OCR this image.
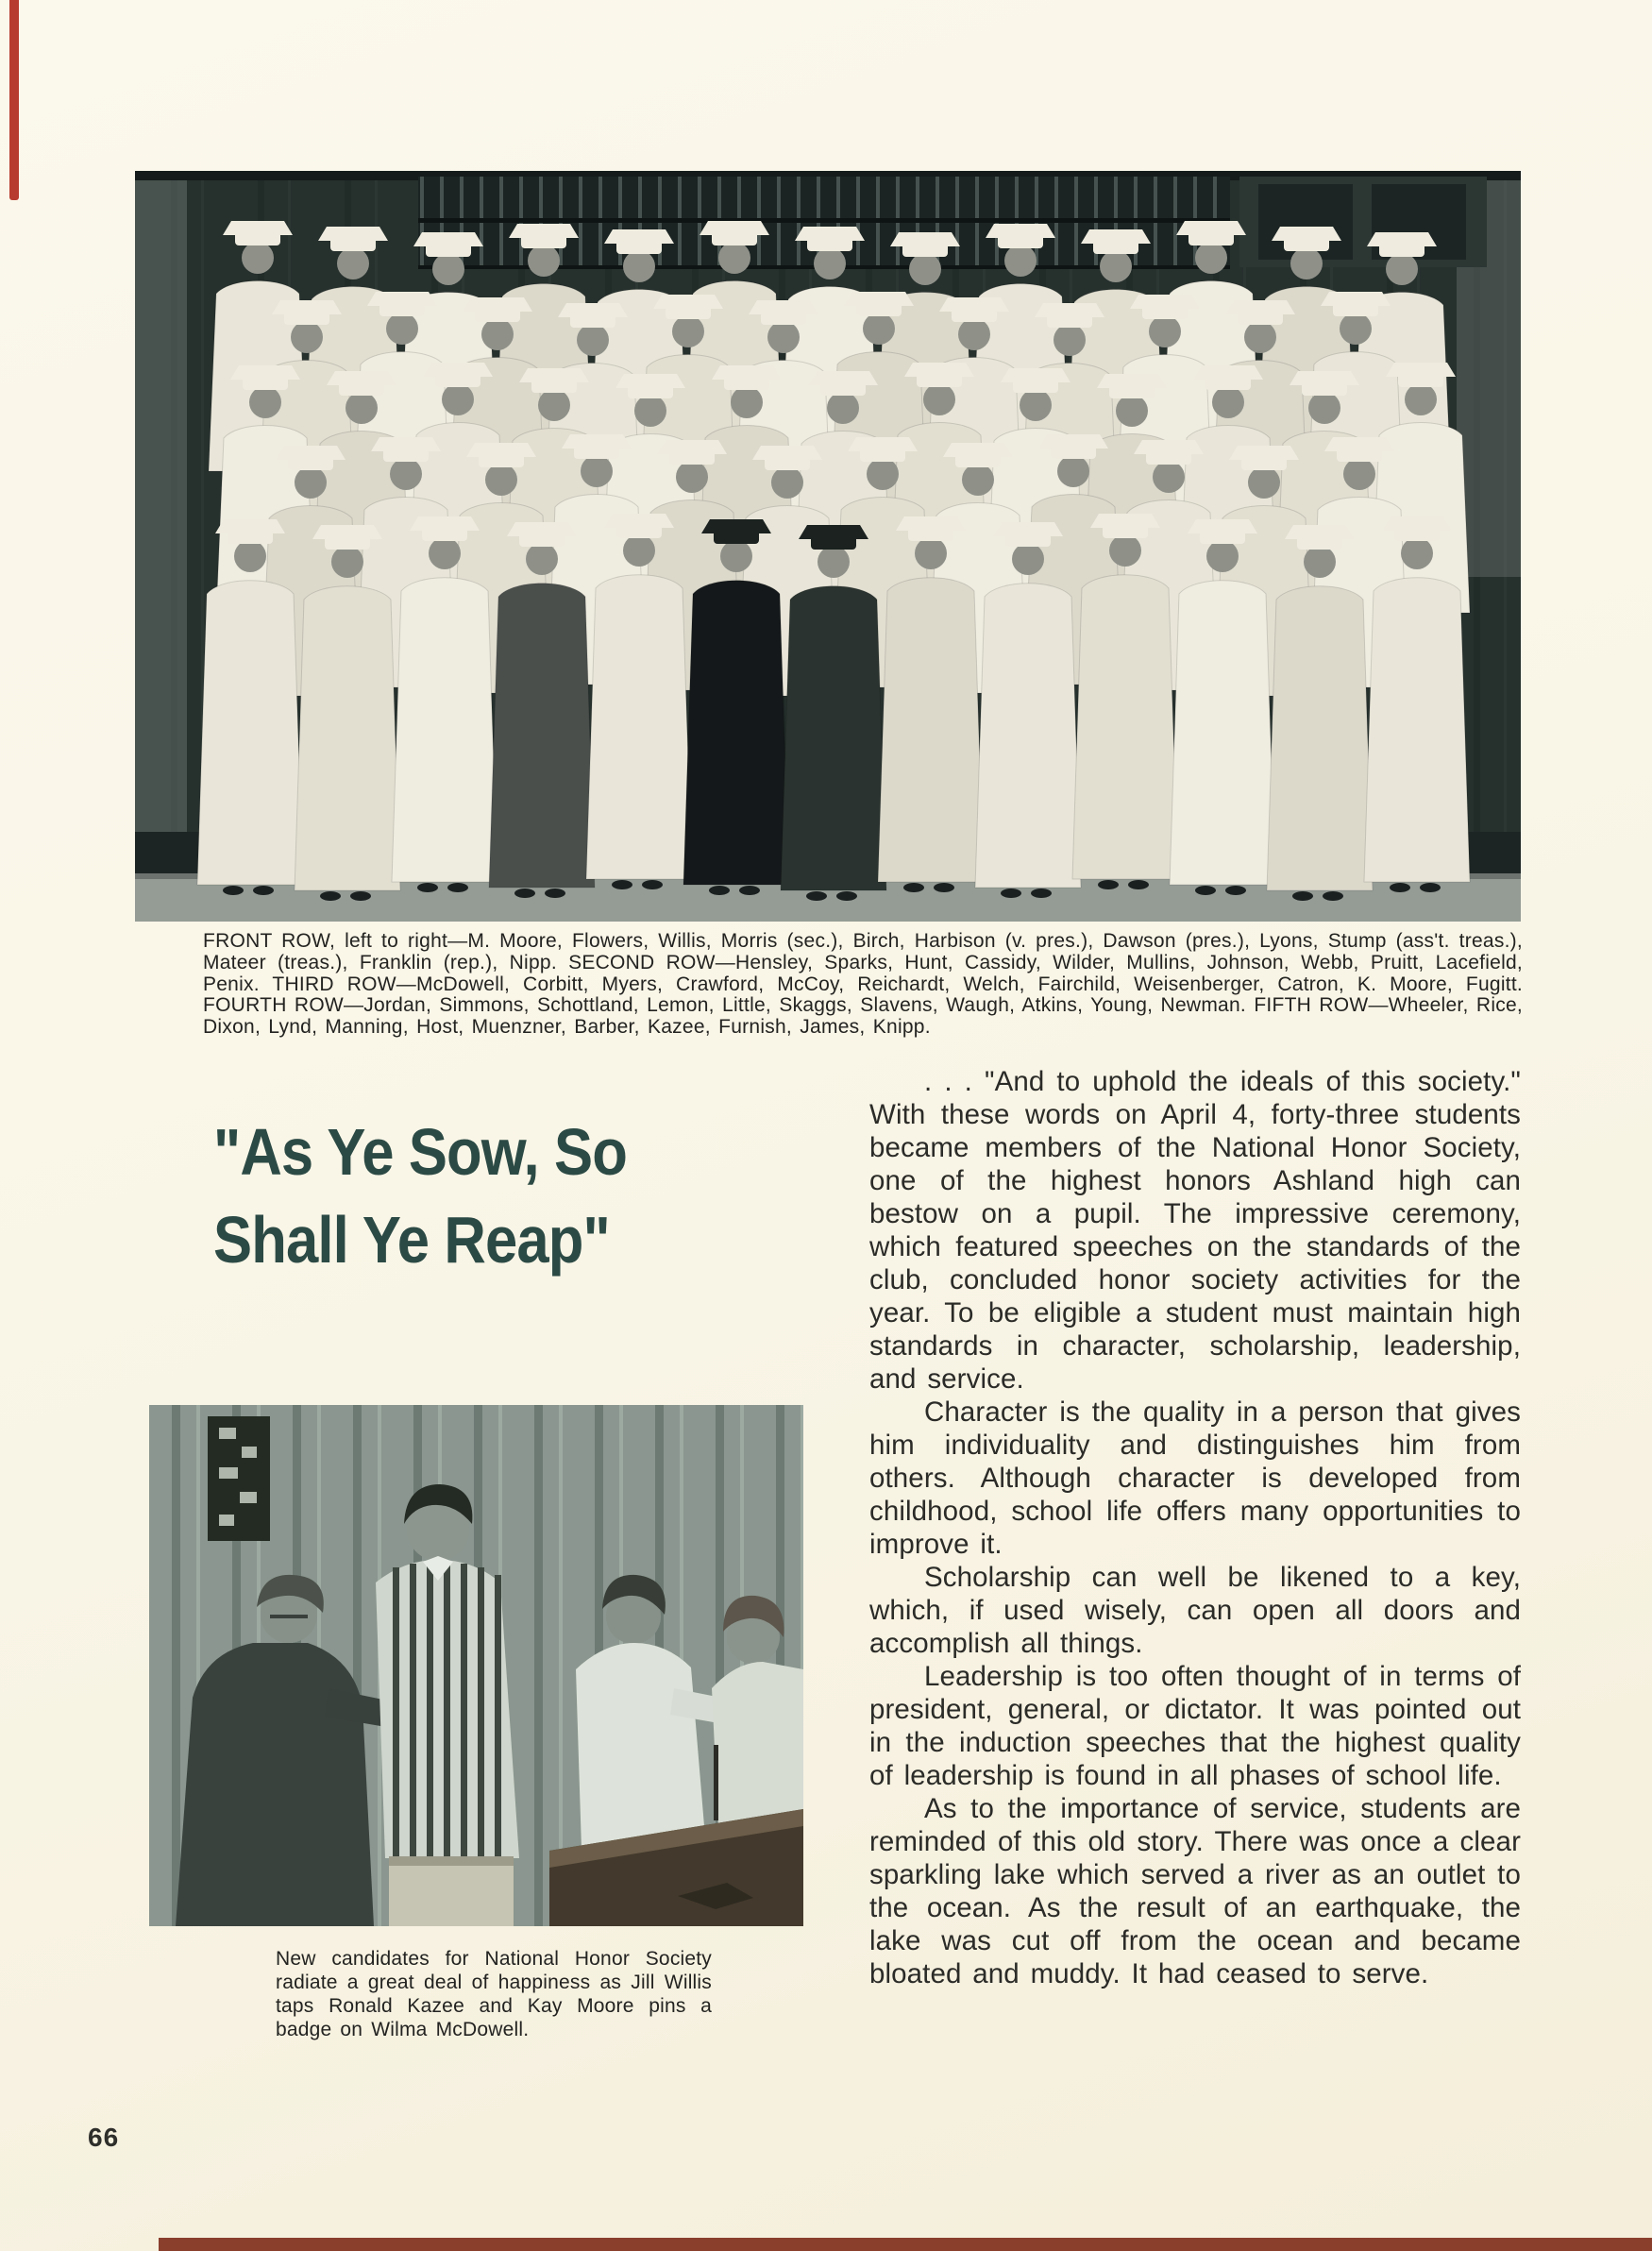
FRONT ROW, left to right—M. Moore, Flowers, Willis, Morris (sec.), Birch, Harbison (v. pres.), Dawson (pres.), Lyons, Stump (ass't. treas.), Mateer (treas.), Franklin (rep.), Nipp. SECOND ROW—Hensley, Sparks, Hunt, Cassidy, Wilder, Mullins, Johnson, Webb, Pruitt, Lacefield, Penix. THIRD ROW—McDowell, Corbitt, Myers, Crawford, McCoy, Reichardt, Welch, Fairchild, Weisenberger, Catron, K. Moore, Fugitt. FOURTH ROW—Jordan, Simmons, Schottland, Lemon, Little, Skaggs, Slavens, Waugh, Atkins, Young, Newman. FIFTH ROW—Wheeler, Rice, Dixon, Lynd, Manning, Host, Muenzner, Barber, Kazee, Furnish, James, Knipp.
"As Ye Sow, So
Shall Ye Reap"

. . . "And to uphold the ideals of this society." With these words on April 4, forty-three students became members of the National Honor Society, one of the highest honors Ashland high can bestow on a pupil. The impressive ceremony, which featured speeches on the standards of the club, concluded honor society activities for the year. To be eligible a student must maintain high standards in character, scholarship, leadership, and service.

Character is the quality in a person that gives him individuality and distinguishes him from others. Although character is developed from childhood, school life offers many opportunities to improve it.

Scholarship can well be likened to a key, which, if used wisely, can open all doors and accomplish all things.

Leadership is too often thought of in terms of president, general, or dictator. It was pointed out in the induction speeches that the highest quality of leadership is found in all phases of school life.

As to the importance of service, students are reminded of this old story. There was once a clear sparkling lake which served a river as an outlet to the ocean. As the result of an earthquake, the lake was cut off from the ocean and became bloated and muddy. It had ceased to serve.

New candidates for National Honor Society radiate a great deal of happiness as Jill Willis taps Ronald Kazee and Kay Moore pins a badge on Wilma McDowell.
66
